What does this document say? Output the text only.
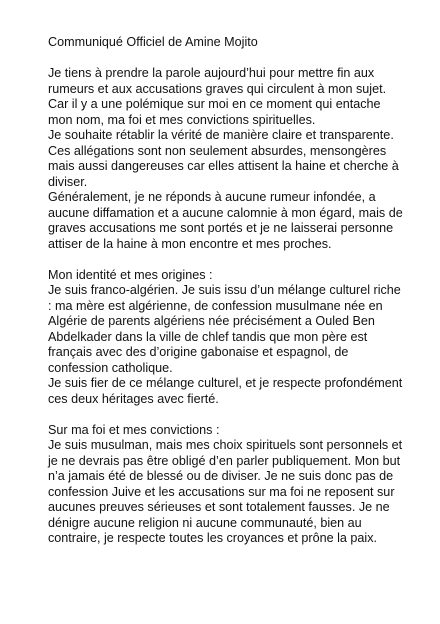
Communiqué Officiel de Amine Mojito

Je tiens à prendre la parole aujourd’hui pour mettre fin aux rumeurs et aux accusations graves qui circulent à mon sujet. Car il y a une polémique sur moi en ce moment qui entache mon nom, ma foi et mes convictions spirituelles.

Je souhaite rétablir la vérité de manière claire et transparente. Ces allégations sont non seulement absurdes, mensongères mais aussi dangereuses car elles attisent la haine et cherche à diviser.

Généralement, je ne réponds à aucune rumeur infondée, a aucune diffamation et a aucune calomnie à mon égard, mais de graves accusations me sont portés et je ne laisserai personne attiser de la haine à mon encontre et mes proches.

Mon identité et mes origines :

Je suis franco-algérien. Je suis issu d’un mélange culturel riche : ma mère est algérienne, de confession musulmane née en Algérie de parents algériens née précisément a Ouled Ben Abdelkader dans la ville de chlef tandis que mon père est français avec des d’origine gabonaise et espagnol, de confession catholique.

Je suis fier de ce mélange culturel, et je respecte profondément ces deux héritages avec fierté.

Sur ma foi et mes convictions :

Je suis musulman, mais mes choix spirituels sont personnels et je ne devrais pas être obligé d’en parler publiquement. Mon but n’a jamais été de blessé ou de diviser. Je ne suis donc pas de confession Juive et les accusations sur ma foi ne reposent sur aucunes preuves sérieuses et sont totalement fausses. Je ne dénigre aucune religion ni aucune communauté, bien au contraire, je respecte toutes les croyances et prône la paix.
